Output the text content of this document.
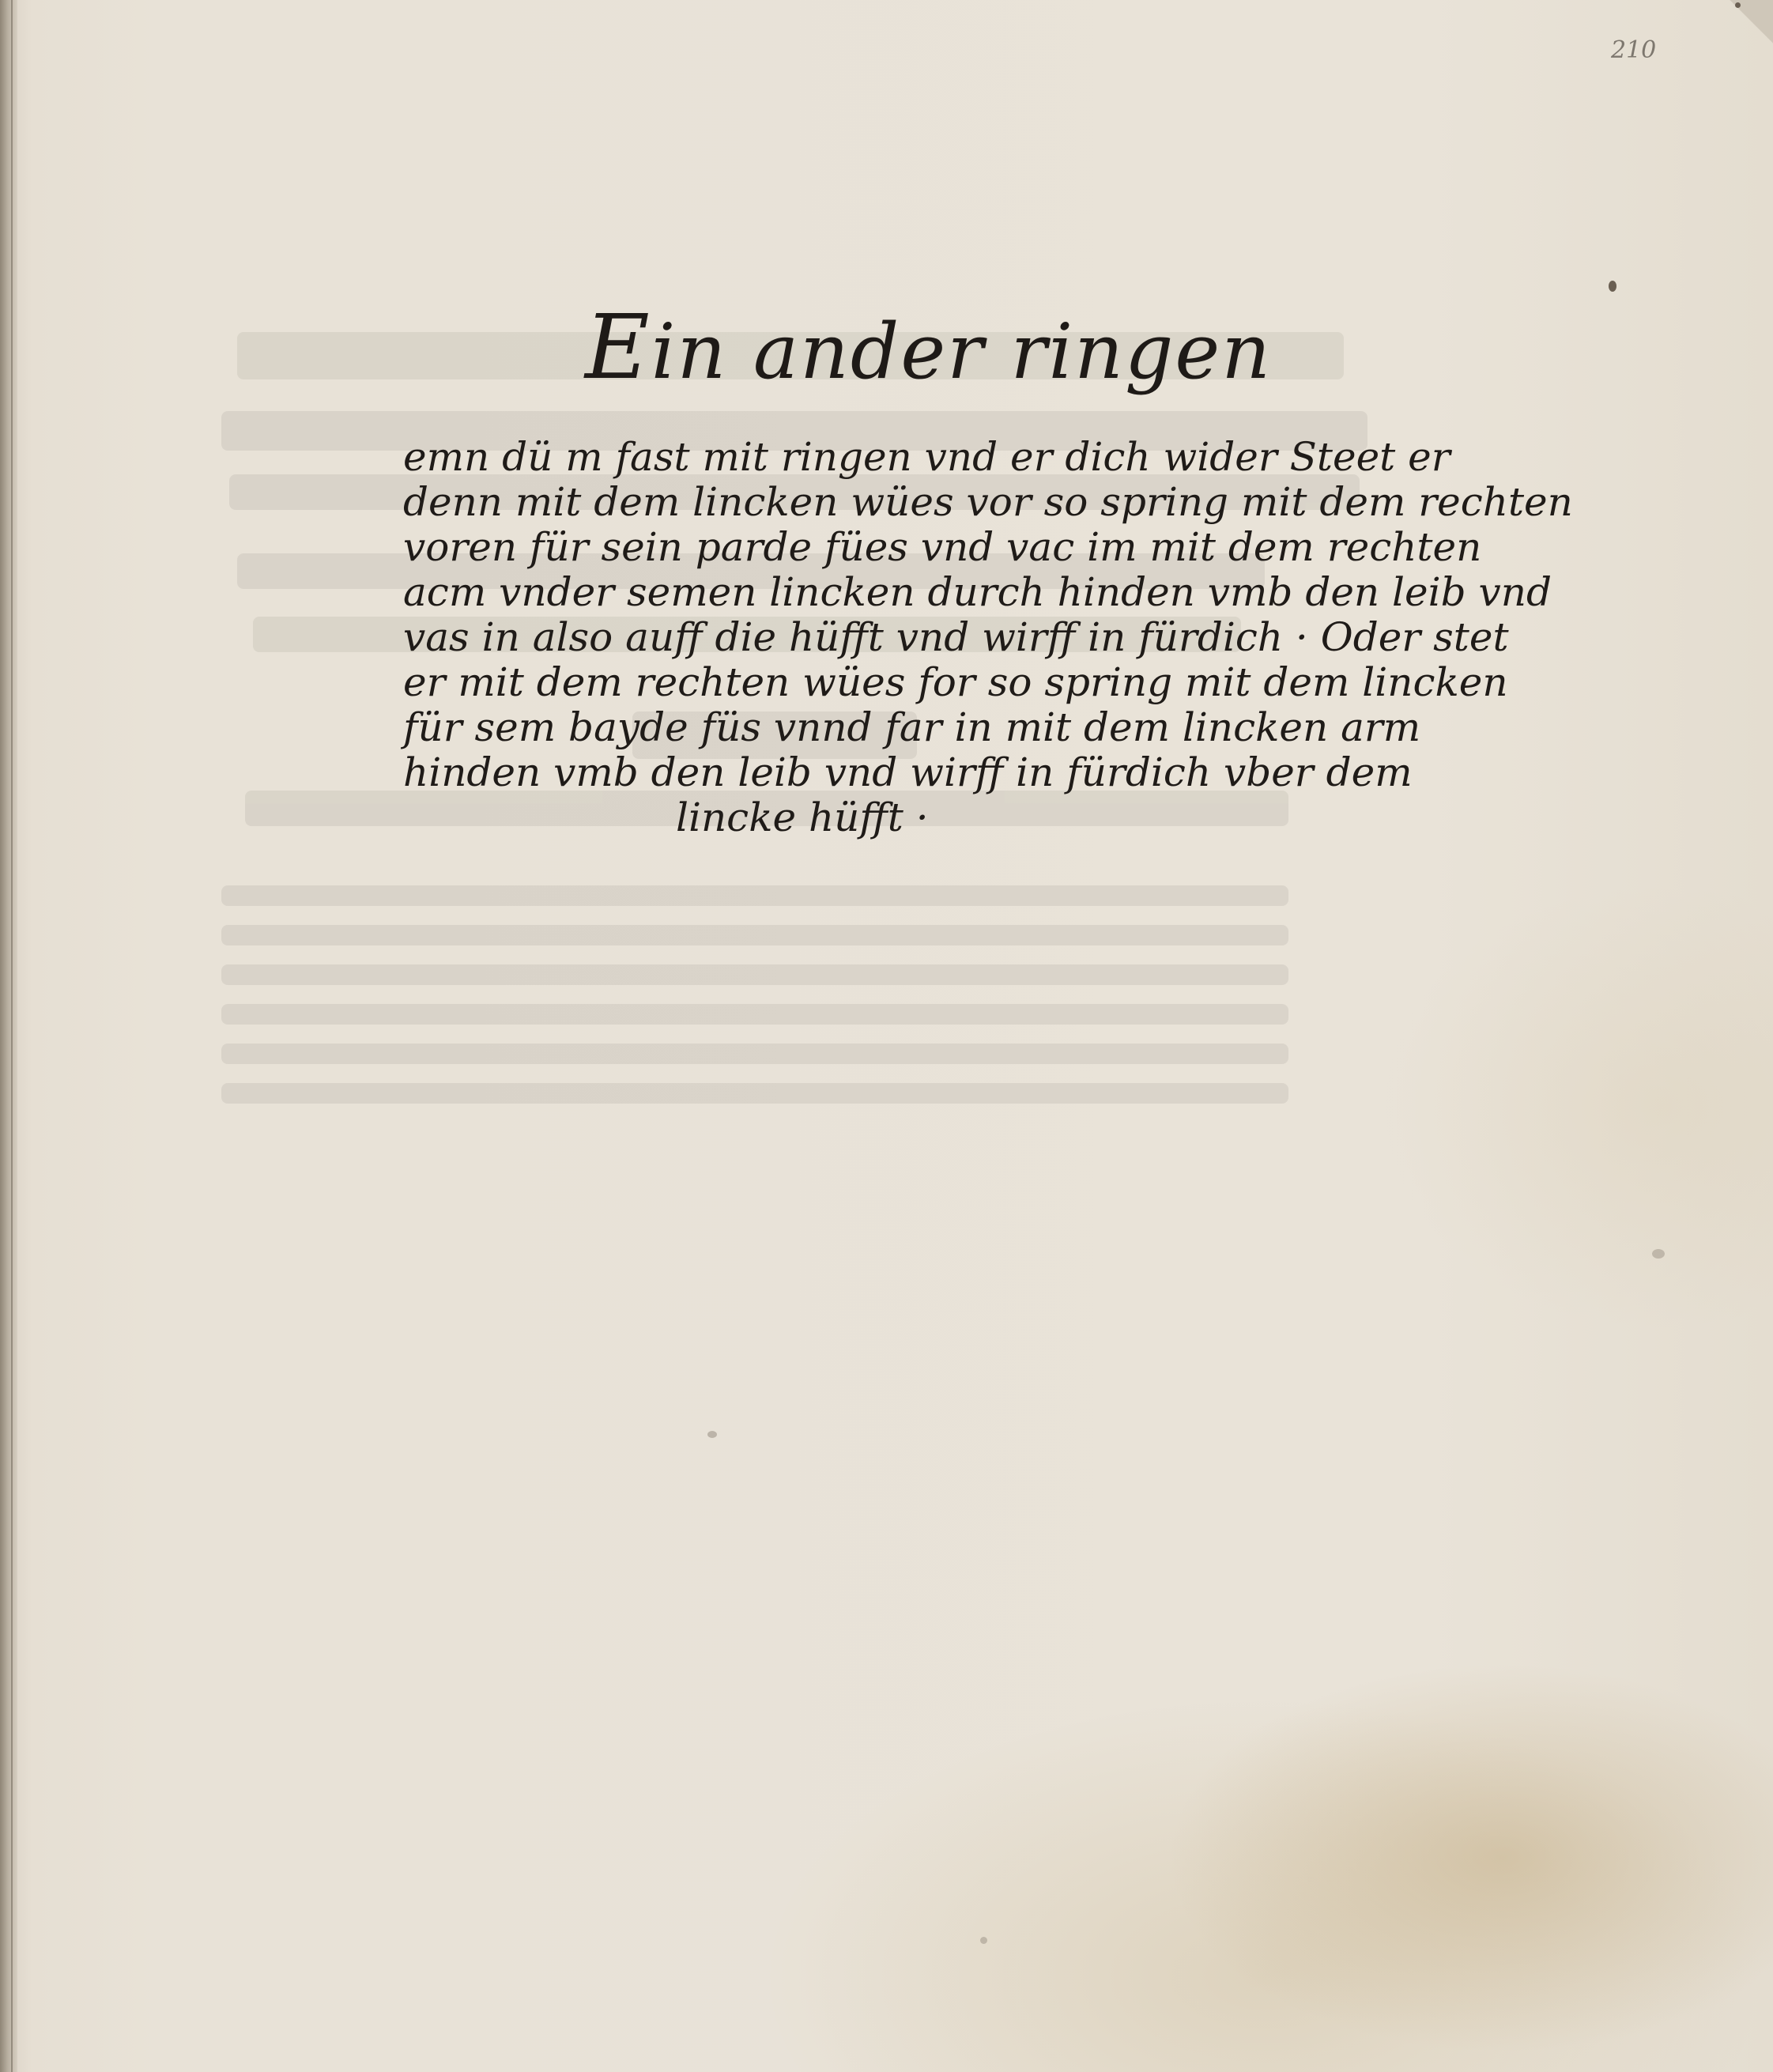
210
Ein ander ringen
emn dü m fast mit ringen vnd er dich wider Steet er
denn mit dem lincken wües vor so spring mit dem rechten
voren für sein parde fües vnd vac im mit dem rechten
acm vnder semen lincken durch hinden vmb den leib vnd
vas in also auff die hüfft vnd wirff in fürdich · Oder stet
er mit dem rechten wües for so spring mit dem lincken
für sem bayde füs vnnd far in mit dem lincken arm
hinden vmb den leib vnd wirff in fürdich vber dem
lincke hüfft ·
